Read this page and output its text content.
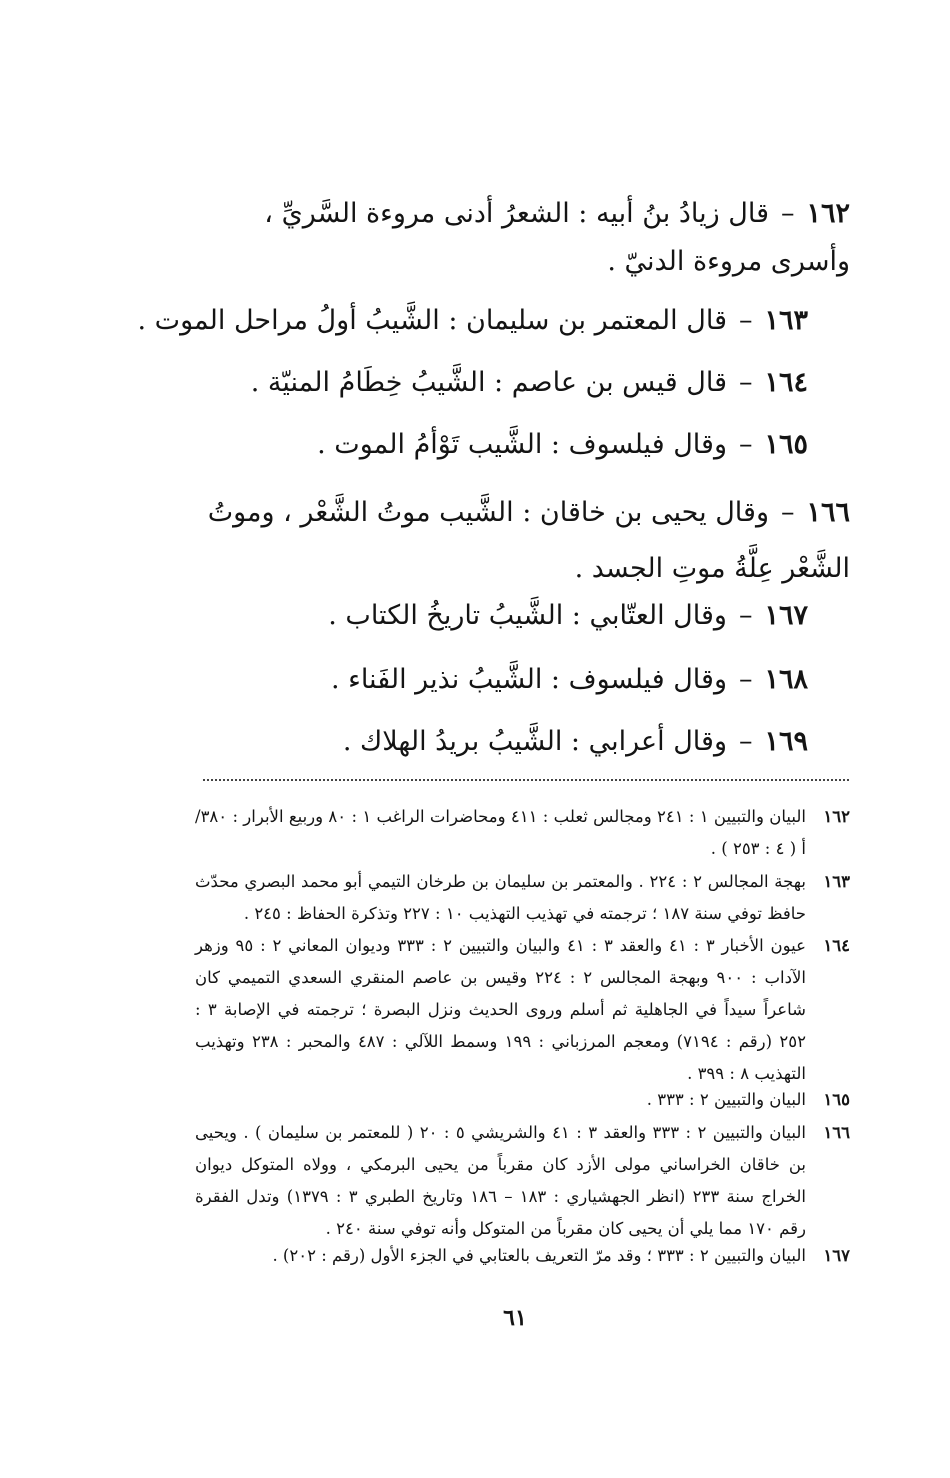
١٦٢–قال زيادُ بنُ أبيه : الشعرُ أدنى مروءة السَّريِّ ، وأسرى مروءة الدنيّ .
١٦٣–قال المعتمر بن سليمان : الشَّيبُ أولُ مراحل الموت .
١٦٤–قال قيس بن عاصم : الشَّيبُ خِطَامُ المنيّة .
١٦٥–وقال فيلسوف : الشَّيب تَوْأمُ الموت .
١٦٦–وقال يحيى بن خاقان : الشَّيب موتُ الشَّعْر ، وموتُ الشَّعْر عِلَّةُ موتِ الجسد .
١٦٧–وقال العتّابي : الشَّيبُ تاريخُ الكتاب .
١٦٨–وقال فيلسوف : الشَّيبُ نذير الفَناء .
١٦٩–وقال أعرابي : الشَّيبُ بريدُ الهلاك .
١٦٢
البيان والتبيين ١ : ٢٤١ ومجالس ثعلب : ٤١١ ومحاضرات الراغب ١ : ٨٠ وربيع الأبرار : ٣٨٠/أ ( ٤ : ٢٥٣ ) .
١٦٣
بهجة المجالس ٢ : ٢٢٤ . والمعتمر بن سليمان بن طرخان التيمي أبو محمد البصري محدّث حافظ توفي سنة ١٨٧ ؛ ترجمته في تهذيب التهذيب ١٠ : ٢٢٧ وتذكرة الحفاظ : ٢٤٥ .
١٦٤
عيون الأخبار ٣ : ٤١ والعقد ٣ : ٤١ والبيان والتبيين ٢ : ٣٣٣ وديوان المعاني ٢ : ٩٥ وزهر الآداب : ٩٠٠ وبهجة المجالس ٢ : ٢٢٤ وقيس بن عاصم المنقري السعدي التميمي كان شاعراً سيداً في الجاهلية ثم أسلم وروى الحديث ونزل البصرة ؛ ترجمته في الإصابة ٣ : ٢٥٢ (رقم : ٧١٩٤) ومعجم المرزباني : ١٩٩ وسمط اللآلي : ٤٨٧ والمحبر : ٢٣٨ وتهذيب التهذيب ٨ : ٣٩٩ .
١٦٥
البيان والتبيين ٢ : ٣٣٣ .
١٦٦
البيان والتبيين ٢ : ٣٣٣ والعقد ٣ : ٤١ والشريشي ٥ : ٢٠ ( للمعتمر بن سليمان ) . ويحيى بن خاقان الخراساني مولى الأزد كان مقرباً من يحيى البرمكي ، وولاه المتوكل ديوان الخراج سنة ٢٣٣ (انظر الجهشياري : ١٨٣ – ١٨٦ وتاريخ الطبري ٣ : ١٣٧٩) وتدل الفقرة رقم ١٧٠ مما يلي أن يحيى كان مقرباً من المتوكل وأنه توفي سنة ٢٤٠ .
١٦٧
البيان والتبيين ٢ : ٣٣٣ ؛ وقد مرّ التعريف بالعتابي في الجزء الأول (رقم : ٢٠٢) .
٦١
